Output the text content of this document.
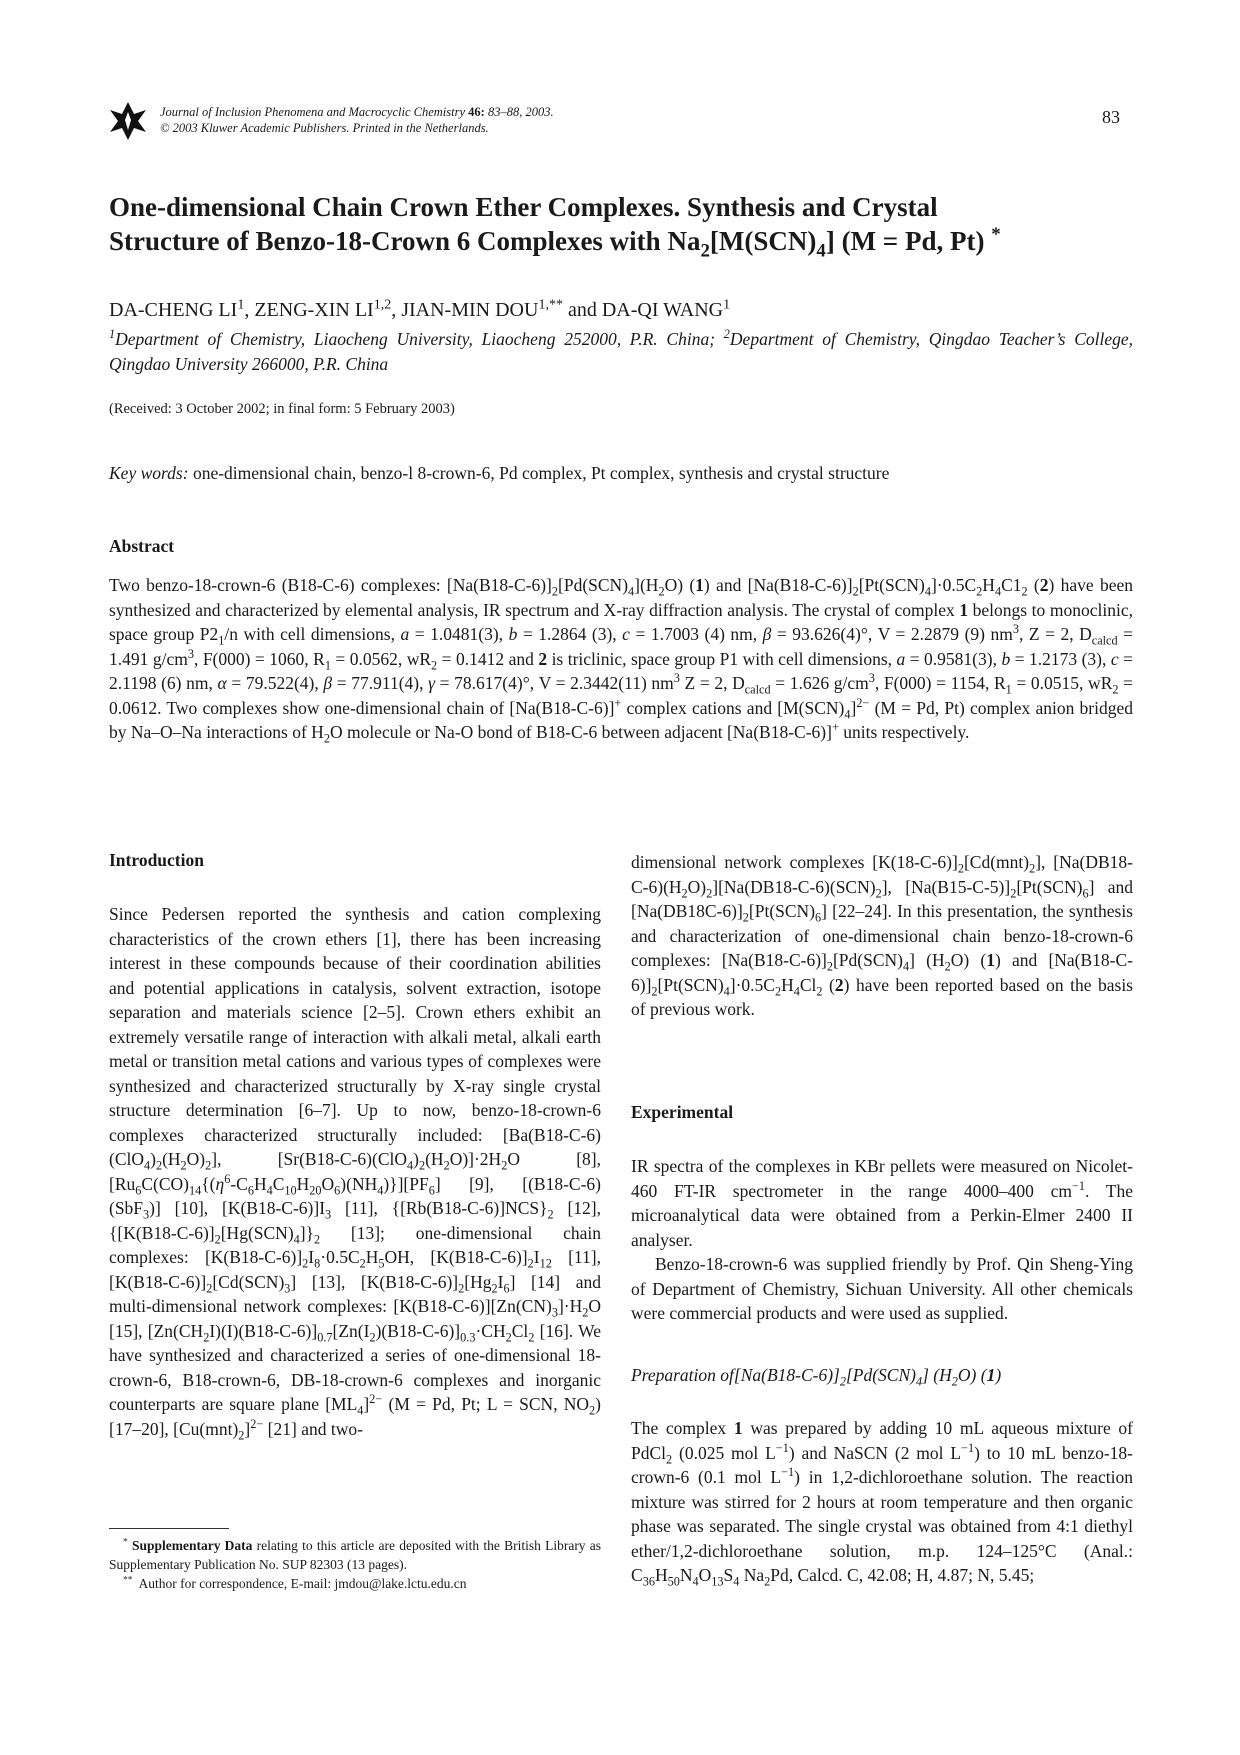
Journal of Inclusion Phenomena and Macrocyclic Chemistry 46: 83–88, 2003.
© 2003 Kluwer Academic Publishers. Printed in the Netherlands.
83
One-dimensional Chain Crown Ether Complexes. Synthesis and Crystal
Structure of Benzo-18-Crown 6 Complexes with $Na_2[M(SCN)_4] (M = Pd$, Pt) *
DA-CHENG $LI^1$, ZENG-XIN LI$^{1,2}$, JIAN-MIN $DOU^{1,**}$ and DA-QI WANG$^1$
$^1$Department of Chemistry, Liaocheng University, Liaocheng 252000, P.R. China; $^2$Department of Chemistry, Qingdao Teacher’s College, Qingdao University 266000, P.R. China
(Received: 3 October 2002; in final form: 5 February 2003)
Key words: one-dimensional chain, benzo-l 8-crown-6, Pd complex, Pt complex, synthesis and crystal structure
Abstract
Two benzo-18-crown-6 (B18-C-6) complexes: $[Na(B18-C-6)]_2[Pd(SCN)_4](H_2O)$ (1) and $[Na(B18-C-6)]_2[Pt(SCN)_4]\cdot 0.5C_2H_4C1_2$ (2) have been synthesized and characterized by elemental analysis, IR spectrum and X-ray diffraction analysis. The crystal of complex 1 belongs to monoclinic, space group $P2_1/n$ with cell dimensions, a = 1.0481(3), b = 1.2864 (3), c = 1.7003 (4) nm, β = 93.626(4)°, V = 2.2879 (9) $nm^3$, Z = 2, $D_{calcd} = 1.491$ $g/cm^3$, F(000) = 1060, $R_1 = 0.0562$, $wR_2 = 0.1412$ and 2 is triclinic, space group P1 with cell dimensions, a = 0.9581(3), b = 1.2173 (3), c = 2.1198 (6) nm, α = 79.522(4), β = 77.911(4), γ = 78.617(4)°, V = 2.3442(11) $nm^3$ Z = 2, $D_{calcd} = 1.626$ $g/cm^3$, F(000) = 1154, $R_1 = 0.0515$, $wR_2 = 0.0612$. Two complexes show one-dimensional chain of [Na(B18-C-6)]+ complex cations and $[M(SCN)_4]^{2-}$ (M = Pd, Pt) complex anion bridged by Na–O–Na interactions of $H_2O$ molecule or Na-O bond of B18-C-6 between adjacent [Na(B18-C-6)]+ units respectively.
Introduction
Since Pedersen reported the synthesis and cation complexing characteristics of the crown ethers [1], there has been increasing interest in these compounds because of their coordination abilities and potential applications in catalysis, solvent extraction, isotope separation and materials science [2–5]. Crown ethers exhibit an extremely versatile range of interaction with alkali metal, alkali earth metal or transition metal cations and various types of complexes were synthesized and characterized structurally by X-ray single crystal structure determination [6–7]. Up to now, benzo-18-crown-6 complexes characterized structurally included: $[Ba(B18-C-6)(ClO_4)_2(H_2O)_2]$, $[Sr(B18-C-6)(ClO_4)_2(H_2O)]\cdot 2H_2O$ [8], $[Ru_6C(CO)_{14}\{(\eta^6-C_6H_4C_{10}H_{20}O_6)(NH_4)\}][PF_6]$ [9], [(B18-C-6)(SbF$_3$)] [10], $[K(B18-C-6)]I_3$ [11], $\{[Rb(B18-C-6)]NCS\}_2$ [12], $\{[K(B18-C-6)]_2[Hg(SCN)_4]\}_2$ [13]; one-dimensional chain complexes: $[K(B18-C-6)]_2I_8\cdot 0.5C_2H_5OH$, $[K(B18-C-6)]_2I_{12}$ [11], $[K(B18-C-6)]_2[Cd(SCN)_3]$ [13], $[K(B18-C-6)]_2[Hg_2I_6]$ [14] and multi-dimensional network complexes: $[K(B18-C-6)][Zn(CN)_3]\cdot H_2O$ [15], $[Zn(CH_2I)(I)(B18-C-6)]_{0.7}[Zn(I_2)(B18-C-6)]_{0.3}\cdot CH_2Cl_2$ [16]. We have synthesized and characterized a series of one-dimensional 18-crown-6, B18-crown-6, DB-18-crown-6 complexes and inorganic counterparts are square plane $[ML_4]^{2-}$ (M = Pd, Pt; L = SCN, $NO_2$) [17–20], $[Cu(mnt)_2]^{2-}$ [21] and two-

* Supplementary Data relating to this article are deposited with the British Library as Supplementary Publication No. SUP 82303 (13 pages).

** Author for correspondence, E-mail: jmdou@lake.lctu.edu.cn

dimensional network complexes $[K(18-C-6)]_2[Cd(mnt)_2]$, $[Na(DB18-C-6)(H_2O)_2][Na(DB18-C-6)(SCN)_2]$, $[Na(B15-C-5)]_2[Pt(SCN)_6]$ and $[Na(DB18C-6)]_2[Pt(SCN)_6]$ [22–24]. In this presentation, the synthesis and characterization of one-dimensional chain benzo-18-crown-6 complexes: $[Na(B18-C-6)]_2[Pd(SCN)_4]$ $(H_2O)$ (1) and $[Na(B18-C-6)]_2[Pt(SCN)_4]\cdot 0.5C_2H_4Cl_2$ (2) have been reported based on the basis of previous work.
Experimental

IR spectra of the complexes in KBr pellets were measured on Nicolet-460 FT-IR spectrometer in the range 4000–400 $cm^{-1}$. The microanalytical data were obtained from a Perkin-Elmer 2400 II analyser.

Benzo-18-crown-6 was supplied friendly by Prof. Qin Sheng-Ying of Department of Chemistry, Sichuan University. All other chemicals were commercial products and were used as supplied.

Preparation $of[Na(B18-C-6)]_2[Pd(SCN)_4]$ $(H_2O)$ (1)
The complex 1 was prepared by adding 10 mL aqueous mixture of PdCl$_2$ (0.025 mol $L^{-1}$) and NaSCN (2 mol $L^{-1}$) to 10 mL benzo-18-crown-6 (0.1 mol $L^{-1}$) in 1,2-dichloroethane solution. The reaction mixture was stirred for 2 hours at room temperature and then organic phase was separated. The single crystal was obtained from 4:1 diethyl ether/1,2-dichloroethane solution, m.p. 124–125°C (Anal.: $C_{36}H_{50}N_4O_{13}S_4$ $Na_2Pd$, Calcd. C, 42.08; H, 4.87; N, 5.45;
